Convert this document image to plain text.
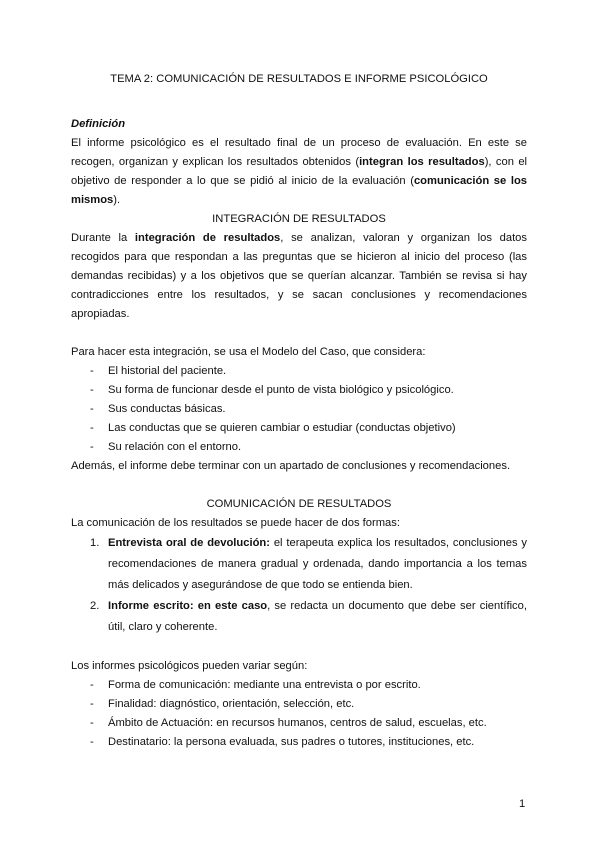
TEMA 2: COMUNICACIÓN DE RESULTADOS E INFORME PSICOLÓGICO

Definición

El informe psicológico es el resultado final de un proceso de evaluación. En este se recogen, organizan y explican los resultados obtenidos (integran los resultados), con el objetivo de responder a lo que se pidió al inicio de la evaluación (comunicación se los mismos).

INTEGRACIÓN DE RESULTADOS

Durante la integración de resultados, se analizan, valoran y organizan los datos recogidos para que respondan a las preguntas que se hicieron al inicio del proceso (las demandas recibidas) y a los objetivos que se querían alcanzar. También se revisa si hay contradicciones entre los resultados, y se sacan conclusiones y recomendaciones apropiadas.

Para hacer esta integración, se usa el Modelo del Caso, que considera:

- El historial del paciente.
- Su forma de funcionar desde el punto de vista biológico y psicológico.
- Sus conductas básicas.
- Las conductas que se quieren cambiar o estudiar (conductas objetivo)
- Su relación con el entorno.

Además, el informe debe terminar con un apartado de conclusiones y recomendaciones.

COMUNICACIÓN DE RESULTADOS

La comunicación de los resultados se puede hacer de dos formas:

1. Entrevista oral de devolución: el terapeuta explica los resultados, conclusiones y recomendaciones de manera gradual y ordenada, dando importancia a los temas más delicados y asegurándose de que todo se entienda bien.
2. Informe escrito: en este caso, se redacta un documento que debe ser científico, útil, claro y coherente.

Los informes psicológicos pueden variar según:

- Forma de comunicación: mediante una entrevista o por escrito.
- Finalidad: diagnóstico, orientación, selección, etc.
- Ámbito de Actuación: en recursos humanos, centros de salud, escuelas, etc.
- Destinatario: la persona evaluada, sus padres o tutores, instituciones, etc.
1
